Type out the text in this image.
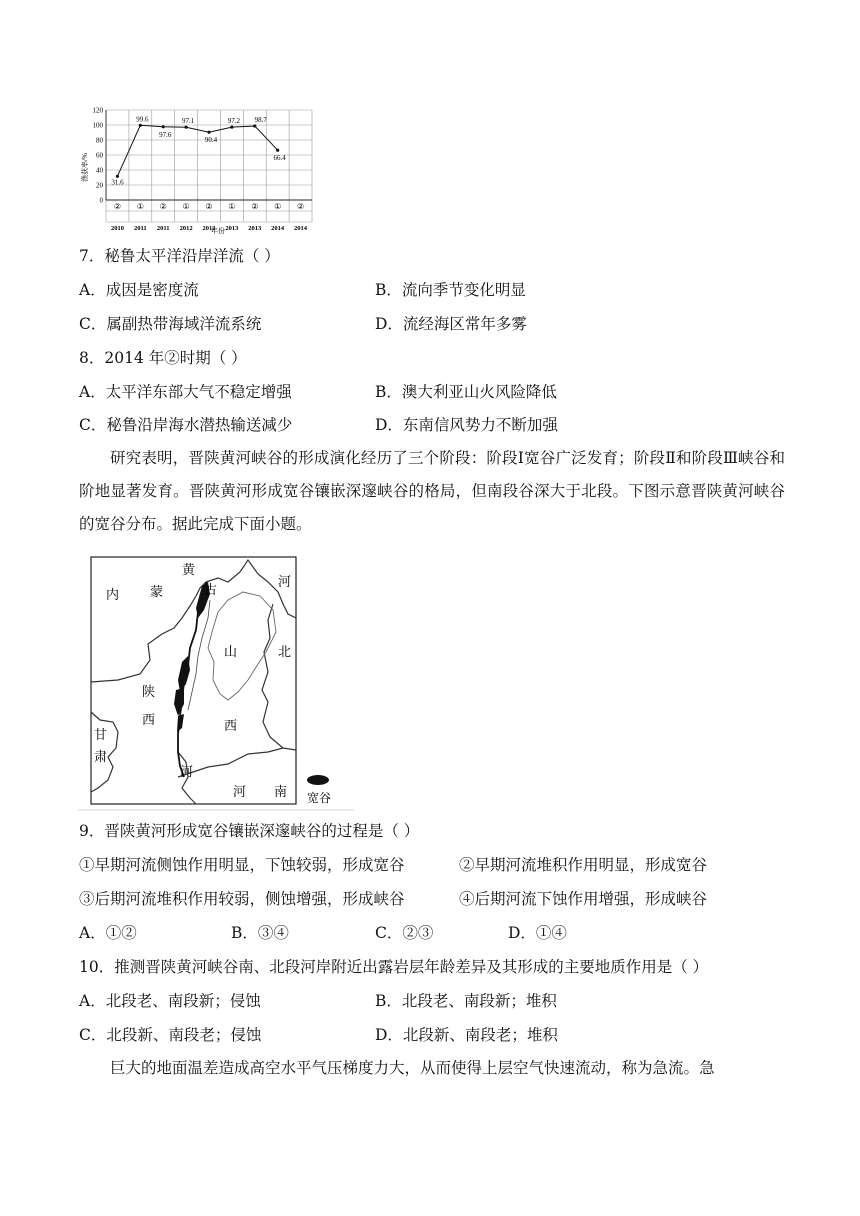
0
20
40
60
80
100
120
31.6
99.6
97.6
97.1
90.4
97.2 98.7
66.4
② ① ② ① ② ① ② ① ②
2010 2011 2011 2012 2012 2013 2013 2014 2014
渔获率/%
年份
7．秘鲁太平洋沿岸洋流（ ）
A．成因是密度流	B．流向季节变化明显
C．属副热带海域洋流系统	D．流经海区常年多雾
8．2014 年②时期（ ）
A．太平洋东部大气不稳定增强	B．澳大利亚山火风险降低
C．秘鲁沿岸海水潜热输送减少	D．东南信风势力不断加强
研究表明，晋陕黄河峡谷的形成演化经历了三个阶段：阶段Ⅰ宽谷广泛发育；阶段Ⅱ和阶段Ⅲ峡谷和阶地显著发育。晋陕黄河形成宽谷镶嵌深邃峡谷的格局，但南段谷深大于北段。下图示意晋陕黄河峡谷的宽谷分布。据此完成下面小题。
黄
古
河
内 蒙
山	北
陕
西
西
甘
肃
河
河 南 宽谷
9．晋陕黄河形成宽谷镶嵌深邃峡谷的过程是（ ）
①早期河流侧蚀作用明显，下蚀较弱，形成宽谷	②早期河流堆积作用明显，形成宽谷
③后期河流堆积作用较弱，侧蚀增强，形成峡谷	④后期河流下蚀作用增强，形成峡谷
A．①②	B．③④	C．②③	D．①④
10．推测晋陕黄河峡谷南、北段河岸附近出露岩层年龄差异及其形成的主要地质作用是（ ）
A．北段老、南段新；侵蚀	B．北段老、南段新；堆积
C．北段新、南段老；侵蚀	D．北段新、南段老；堆积
巨大的地面温差造成高空水平气压梯度力大，从而使得上层空气快速流动，称为急流。急
